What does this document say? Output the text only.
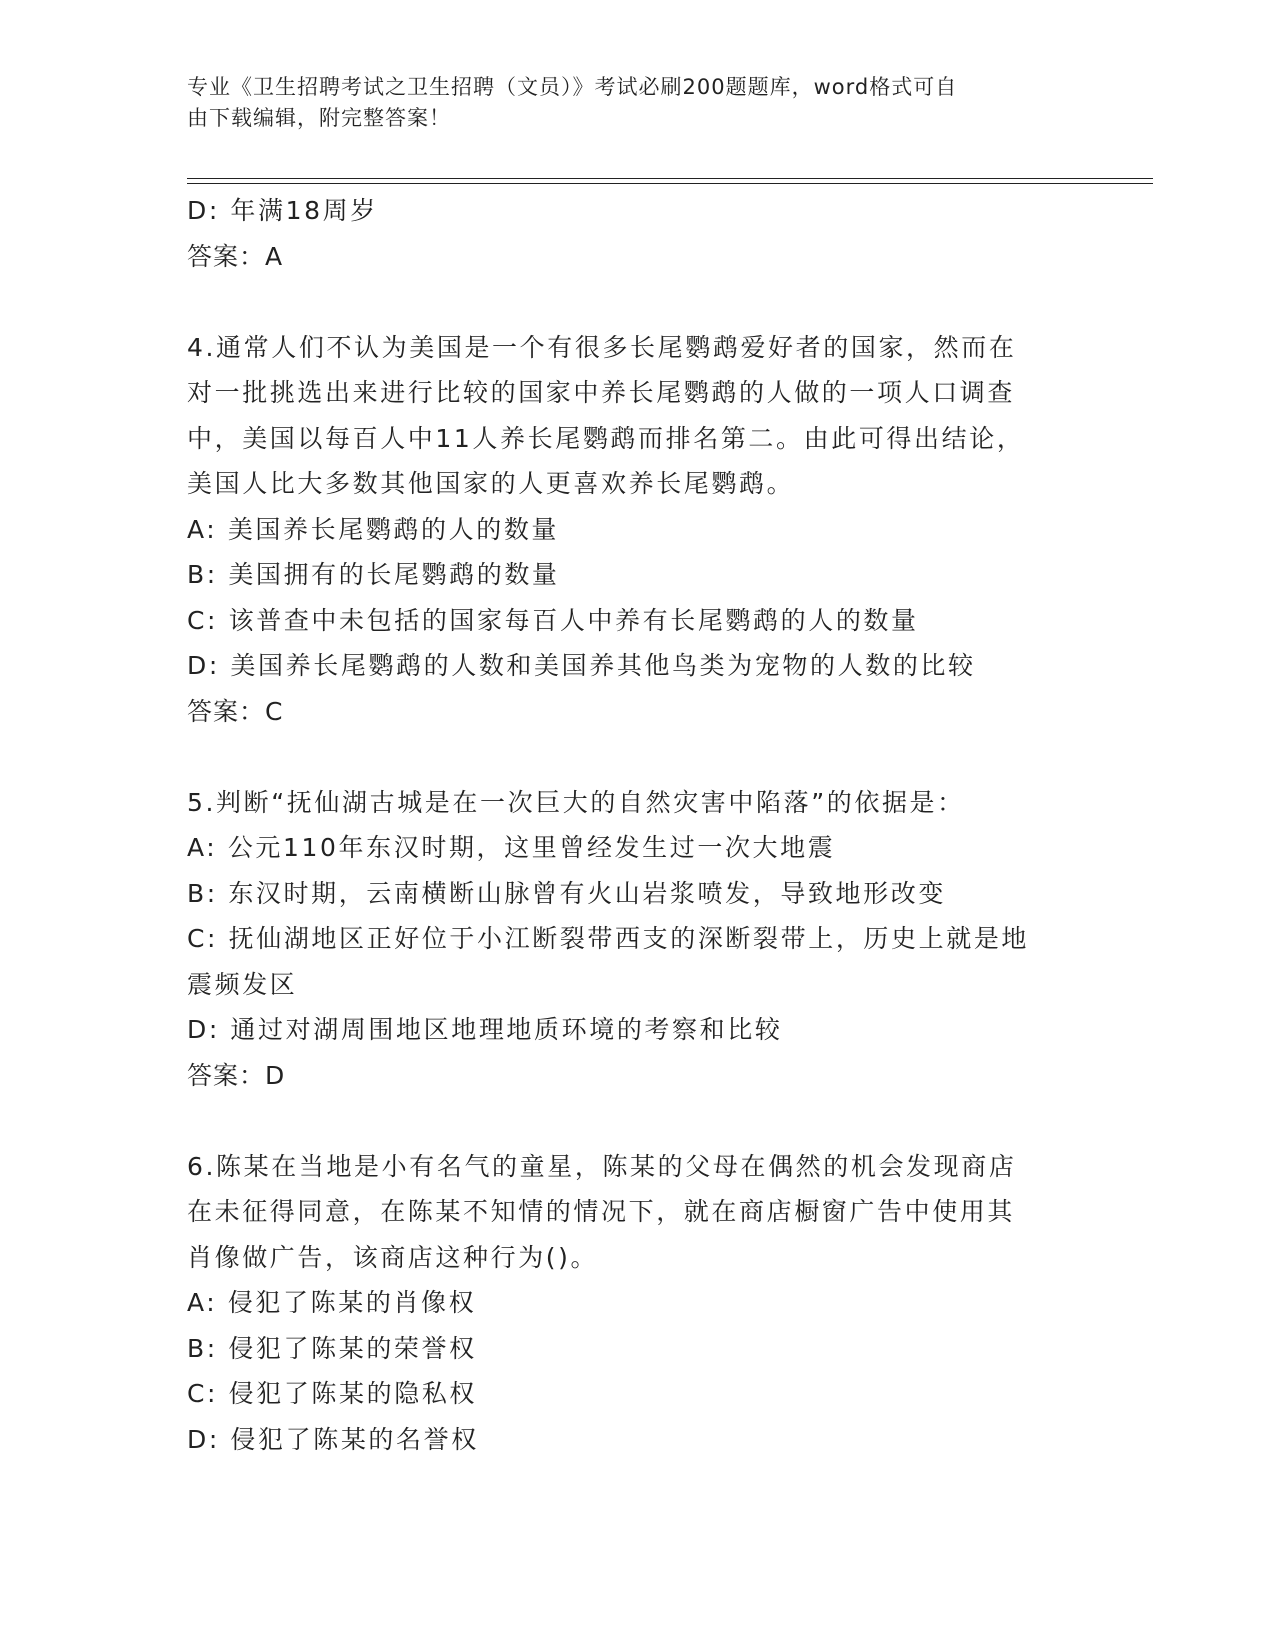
专业《卫生招聘考试之卫生招聘（文员）》考试必刷200题题库，word格式可自
由下载编辑，附完整答案！
D: 年满18周岁
答案：A
4.通常人们不认为美国是一个有很多长尾鹦鹉爱好者的国家，然而在
对一批挑选出来进行比较的国家中养长尾鹦鹉的人做的一项人口调查
中，美国以每百人中11人养长尾鹦鹉而排名第二。由此可得出结论，
美国人比大多数其他国家的人更喜欢养长尾鹦鹉。
A: 美国养长尾鹦鹉的人的数量
B: 美国拥有的长尾鹦鹉的数量
C: 该普查中未包括的国家每百人中养有长尾鹦鹉的人的数量
D: 美国养长尾鹦鹉的人数和美国养其他鸟类为宠物的人数的比较
答案：C
5.判断“抚仙湖古城是在一次巨大的自然灾害中陷落”的依据是：
A: 公元110年东汉时期，这里曾经发生过一次大地震
B: 东汉时期，云南横断山脉曾有火山岩浆喷发，导致地形改变
C: 抚仙湖地区正好位于小江断裂带西支的深断裂带上，历史上就是地
震频发区
D: 通过对湖周围地区地理地质环境的考察和比较
答案：D
6.陈某在当地是小有名气的童星，陈某的父母在偶然的机会发现商店
在未征得同意，在陈某不知情的情况下，就在商店橱窗广告中使用其
肖像做广告，该商店这种行为()。
A: 侵犯了陈某的肖像权
B: 侵犯了陈某的荣誉权
C: 侵犯了陈某的隐私权
D: 侵犯了陈某的名誉权
